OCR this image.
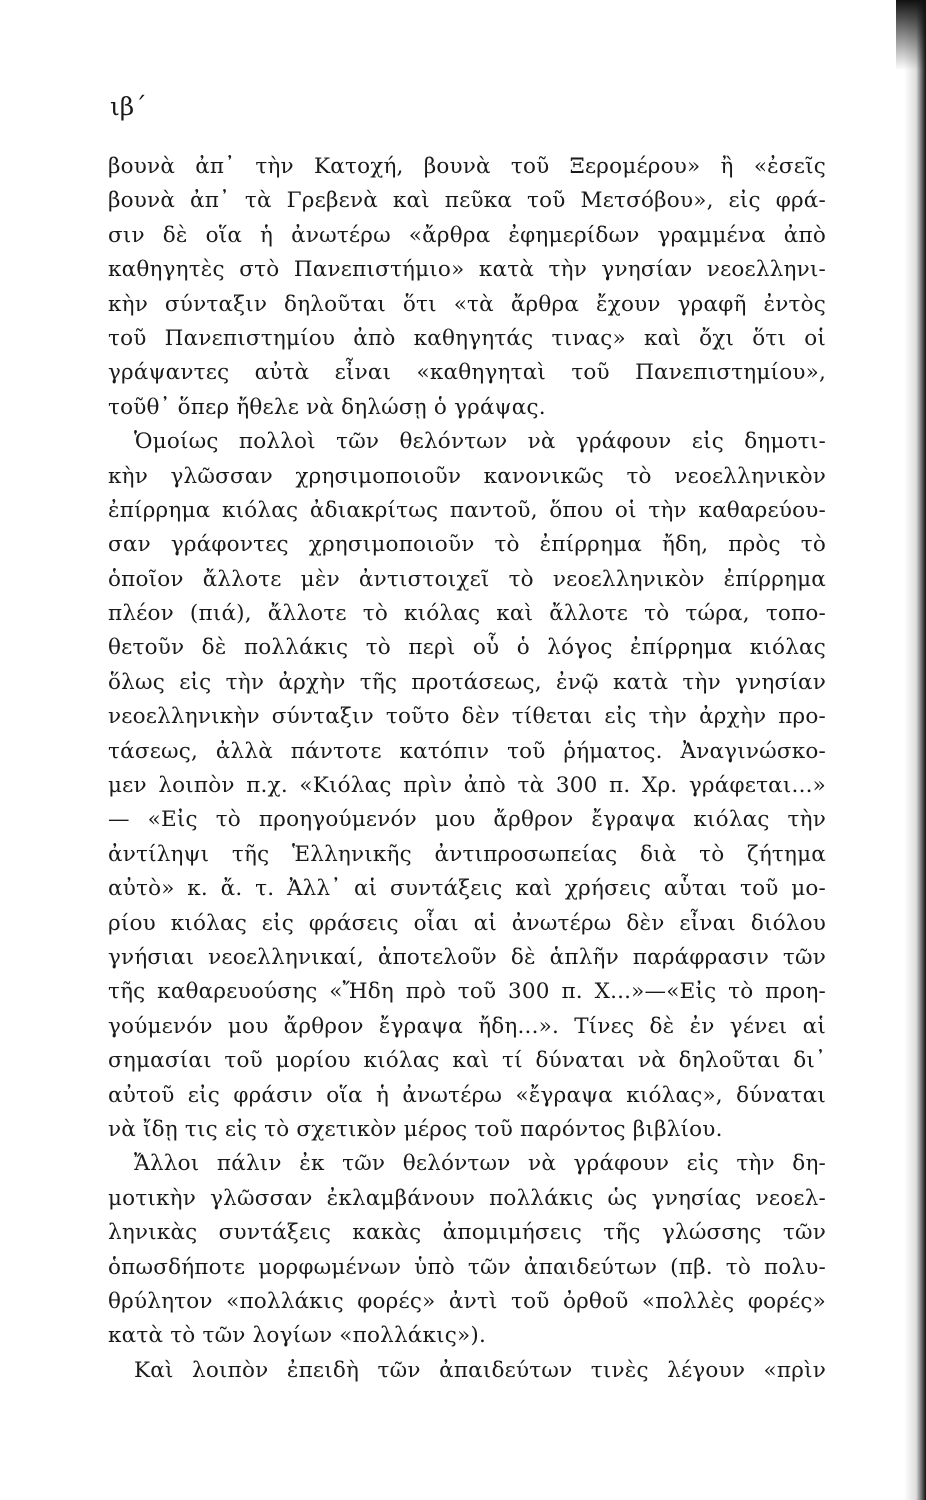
ιβ΄
βουνὰ ἀπ᾽ τὴν Κατοχή, βουνὰ τοῦ Ξερομέρου» ἢ «ἐσεῖς
βουνὰ ἀπ᾽ τὰ Γρεβενὰ καὶ πεῦκα τοῦ Μετσόβου», εἰς φρά-
σιν δὲ οἵα ἡ ἀνωτέρω «ἄρθρα ἐφημερίδων γραμμένα ἀπὸ
καθηγητὲς στὸ Πανεπιστήμιο» κατὰ τὴν γνησίαν νεοελληνι-
κὴν σύνταξιν δηλοῦται ὅτι «τὰ ἄρθρα ἔχουν γραφῆ ἐντὸς
τοῦ Πανεπιστημίου ἀπὸ καθηγητάς τινας» καὶ ὄχι ὅτι οἱ
γράψαντες αὐτὰ εἶναι «καθηγηταὶ τοῦ Πανεπιστημίου»,
τοῦθ᾽ ὅπερ ἤθελε νὰ δηλώσῃ ὁ γράψας.
Ὁμοίως πολλοὶ τῶν θελόντων νὰ γράφουν εἰς δημοτι-
κὴν γλῶσσαν χρησιμοποιοῦν κανονικῶς τὸ νεοελληνικὸν
ἐπίρρημα κιόλας ἀδιακρίτως παντοῦ, ὅπου οἱ τὴν καθαρεύου-
σαν γράφοντες χρησιμοποιοῦν τὸ ἐπίρρημα ἤδη, πρὸς τὸ
ὁποῖον ἄλλοτε μὲν ἀντιστοιχεῖ τὸ νεοελληνικὸν ἐπίρρημα
πλέον (πιά), ἄλλοτε τὸ κιόλας καὶ ἄλλοτε τὸ τώρα, τοπο-
θετοῦν δὲ πολλάκις τὸ περὶ οὗ ὁ λόγος ἐπίρρημα κιόλας
ὅλως εἰς τὴν ἀρχὴν τῆς προτάσεως, ἐνῷ κατὰ τὴν γνησίαν
νεοελληνικὴν σύνταξιν τοῦτο δὲν τίθεται εἰς τὴν ἀρχὴν προ-
τάσεως, ἀλλὰ πάντοτε κατόπιν τοῦ ῥήματος. Ἀναγινώσκο-
μεν λοιπὸν π.χ. «Κιόλας πρὶν ἀπὸ τὰ 300 π. Χρ. γράφεται...»
— «Εἰς τὸ προηγούμενόν μου ἄρθρον ἔγραψα κιόλας τὴν
ἀντίληψι τῆς Ἑλληνικῆς ἀντιπροσωπείας διὰ τὸ ζήτημα
αὐτὸ» κ. ἄ. τ. Ἀλλ᾽ αἱ συντάξεις καὶ χρήσεις αὗται τοῦ μο-
ρίου κιόλας εἰς φράσεις οἷαι αἱ ἀνωτέρω δὲν εἶναι διόλου
γνήσιαι νεοελληνικαί, ἀποτελοῦν δὲ ἁπλῆν παράφρασιν τῶν
τῆς καθαρευούσης «Ἤδη πρὸ τοῦ 300 π. Χ...»—«Εἰς τὸ προη-
γούμενόν μου ἄρθρον ἔγραψα ἤδη...». Τίνες δὲ ἐν γένει αἱ
σημασίαι τοῦ μορίου κιόλας καὶ τί δύναται νὰ δηλοῦται δι᾽
αὐτοῦ εἰς φράσιν οἵα ἡ ἀνωτέρω «ἔγραψα κιόλας», δύναται
νὰ ἴδῃ τις εἰς τὸ σχετικὸν μέρος τοῦ παρόντος βιβλίου.
Ἄλλοι πάλιν ἐκ τῶν θελόντων νὰ γράφουν εἰς τὴν δη-
μοτικὴν γλῶσσαν ἐκλαμβάνουν πολλάκις ὡς γνησίας νεοελ-
ληνικὰς συντάξεις κακὰς ἀπομιμήσεις τῆς γλώσσης τῶν
ὁπωσδήποτε μορφωμένων ὑπὸ τῶν ἀπαιδεύτων (πβ. τὸ πολυ-
θρύλητον «πολλάκις φορές» ἀντὶ τοῦ ὀρθοῦ «πολλὲς φορές»
κατὰ τὸ τῶν λογίων «πολλάκις»).
Καὶ λοιπὸν ἐπειδὴ τῶν ἀπαιδεύτων τινὲς λέγουν «πρὶν
